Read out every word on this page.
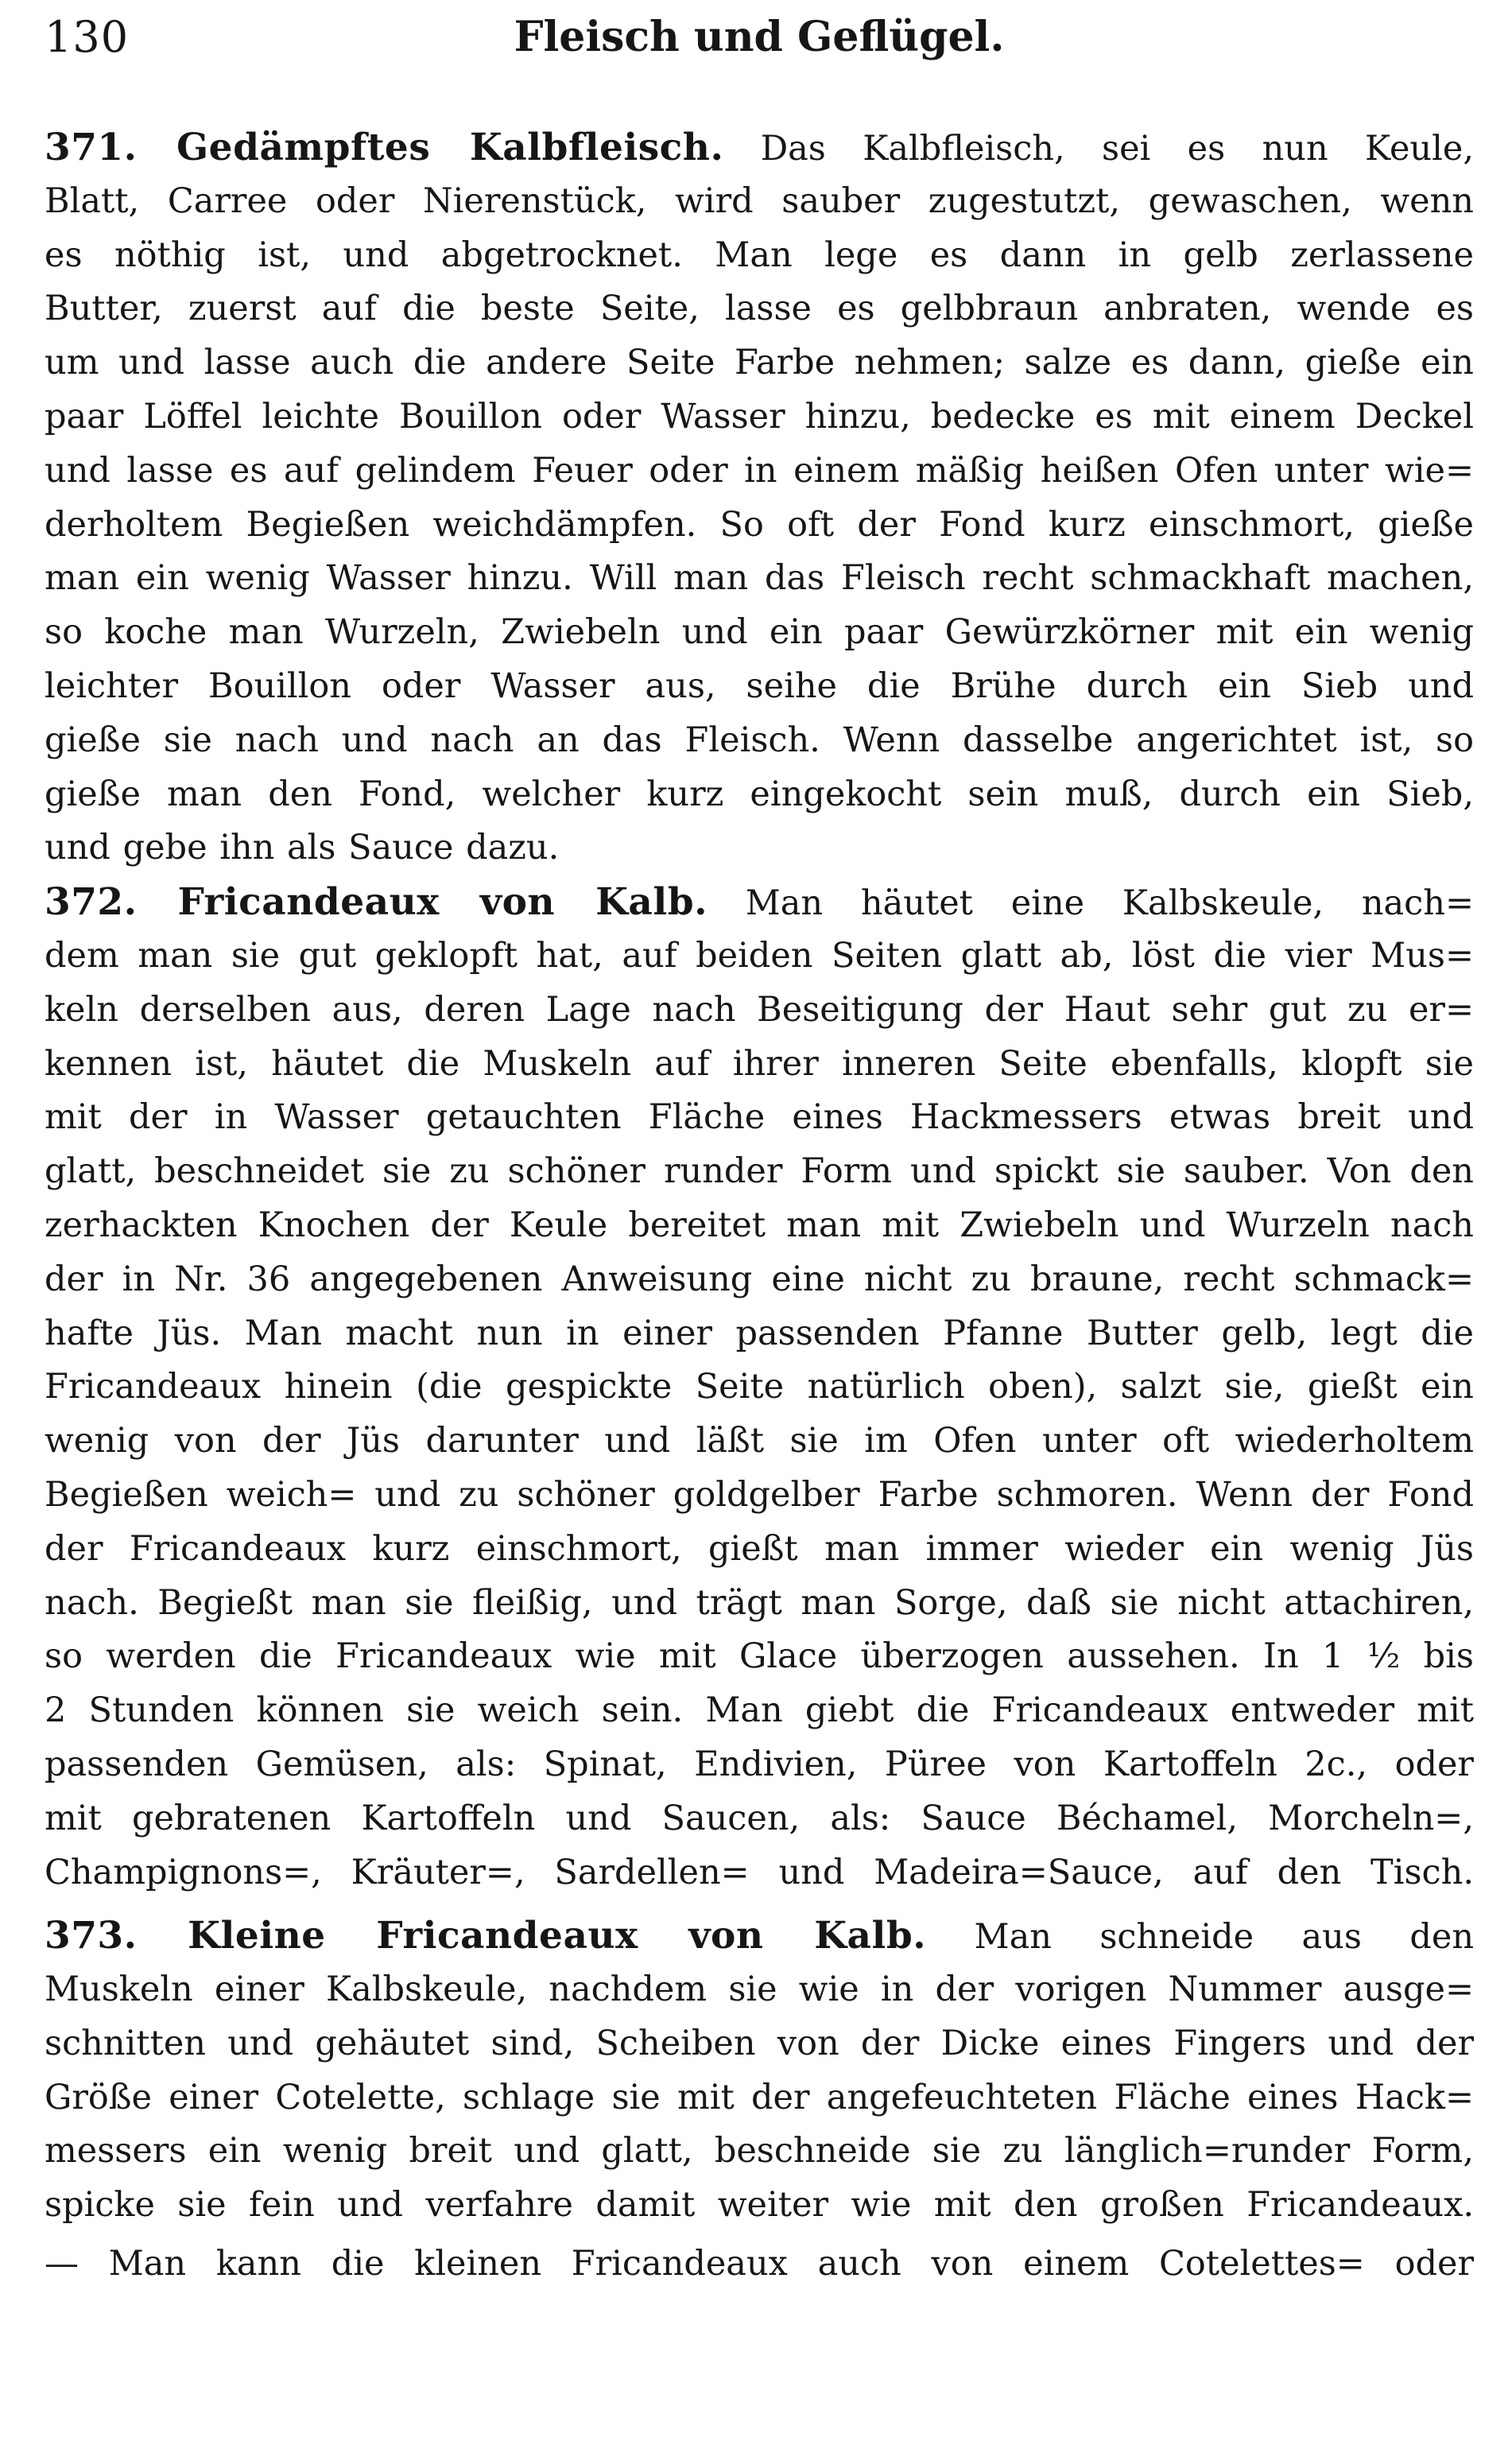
130	Fleisch und Geflügel.
371. Gedämpftes Kalbfleisch. Das Kalbfleisch, sei es nun Keule,
Blatt, Carree oder Nierenstück, wird sauber zugestutzt, gewaschen, wenn
es nöthig ist, und abgetrocknet. Man lege es dann in gelb zerlassene
Butter, zuerst auf die beste Seite, lasse es gelbbraun anbraten, wende es
um und lasse auch die andere Seite Farbe nehmen; salze es dann, gieße ein
paar Löffel leichte Bouillon oder Wasser hinzu, bedecke es mit einem Deckel
und lasse es auf gelindem Feuer oder in einem mäßig heißen Ofen unter wie=
derholtem Begießen weichdämpfen. So oft der Fond kurz einschmort, gieße
man ein wenig Wasser hinzu. Will man das Fleisch recht schmackhaft machen,
so koche man Wurzeln, Zwiebeln und ein paar Gewürzkörner mit ein wenig
leichter Bouillon oder Wasser aus, seihe die Brühe durch ein Sieb und
gieße sie nach und nach an das Fleisch. Wenn dasselbe angerichtet ist, so
gieße man den Fond, welcher kurz eingekocht sein muß, durch ein Sieb,
und gebe ihn als Sauce dazu.
372. Fricandeaux von Kalb. Man häutet eine Kalbskeule, nach=
dem man sie gut geklopft hat, auf beiden Seiten glatt ab, löst die vier Mus=
keln derselben aus, deren Lage nach Beseitigung der Haut sehr gut zu er=
kennen ist, häutet die Muskeln auf ihrer inneren Seite ebenfalls, klopft sie
mit der in Wasser getauchten Fläche eines Hackmessers etwas breit und
glatt, beschneidet sie zu schöner runder Form und spickt sie sauber. Von den
zerhackten Knochen der Keule bereitet man mit Zwiebeln und Wurzeln nach
der in Nr. 36 angegebenen Anweisung eine nicht zu braune, recht schmack=
hafte Jüs. Man macht nun in einer passenden Pfanne Butter gelb, legt die
Fricandeaux hinein (die gespickte Seite natürlich oben), salzt sie, gießt ein
wenig von der Jüs darunter und läßt sie im Ofen unter oft wiederholtem
Begießen weich= und zu schöner goldgelber Farbe schmoren. Wenn der Fond
der Fricandeaux kurz einschmort, gießt man immer wieder ein wenig Jüs
nach. Begießt man sie fleißig, und trägt man Sorge, daß sie nicht attachiren,
so werden die Fricandeaux wie mit Glace überzogen aussehen. In 1 ½ bis
2 Stunden können sie weich sein. Man giebt die Fricandeaux entweder mit
passenden Gemüsen, als: Spinat, Endivien, Püree von Kartoffeln 2c., oder
mit gebratenen Kartoffeln und Saucen, als: Sauce Béchamel, Morcheln=,
Champignons=, Kräuter=, Sardellen= und Madeira=Sauce, auf den Tisch.
373. Kleine Fricandeaux von Kalb. Man schneide aus den
Muskeln einer Kalbskeule, nachdem sie wie in der vorigen Nummer ausge=
schnitten und gehäutet sind, Scheiben von der Dicke eines Fingers und der
Größe einer Cotelette, schlage sie mit der angefeuchteten Fläche eines Hack=
messers ein wenig breit und glatt, beschneide sie zu länglich=runder Form,
spicke sie fein und verfahre damit weiter wie mit den großen Fricandeaux.
— Man kann die kleinen Fricandeaux auch von einem Cotelettes= oder
